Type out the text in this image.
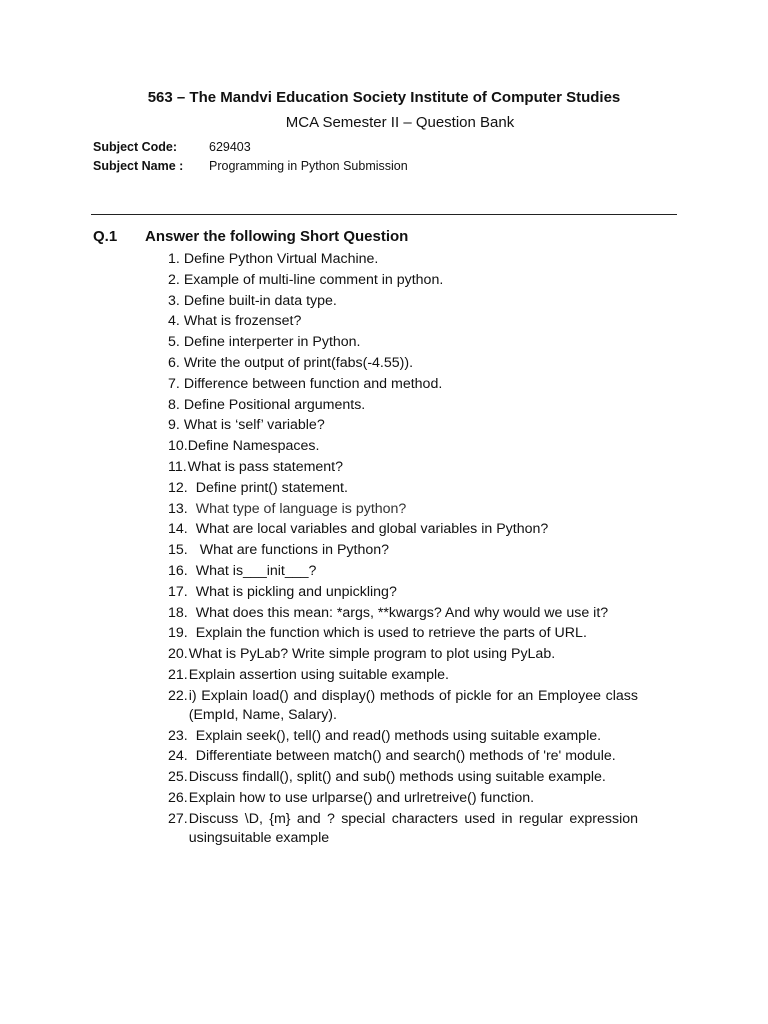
563 – The Mandvi Education Society Institute of Computer Studies
MCA Semester II – Question Bank
Subject Code:	629403
Subject Name : Programming in Python Submission
Q.1 Answer the following Short Question
1. Define Python Virtual Machine.
2. Example of multi-line comment in python.
3. Define built-in data type.
4. What is frozenset?
5. Define interperter in Python.
6. Write the output of print(fabs(-4.55)).
7. Difference between function and method.
8. Define Positional arguments.
9. What is ‘self’ variable?
10. Define Namespaces.
11. What is pass statement?
12. Define print() statement.
13. What type of language is python?
14. What are local variables and global variables in Python?
15. What are functions in Python?
16. What is___init___?
17. What is pickling and unpickling?
18. What does this mean: *args, **kwargs? And why would we use it?
19. Explain the function which is used to retrieve the parts of URL.
20. What is PyLab? Write simple program to plot using PyLab.
21. Explain assertion using suitable example.
22. i) Explain load() and display() methods of pickle for an Employee class (EmpId, Name, Salary).
23. Explain seek(), tell() and read() methods using suitable example.
24. Differentiate between match() and search() methods of 're' module.
25. Discuss findall(), split() and sub() methods using suitable example.
26. Explain how to use urlparse() and urlretreive() function.
27. Discuss \D, {m} and ? special characters used in regular expression usingsuitable example
